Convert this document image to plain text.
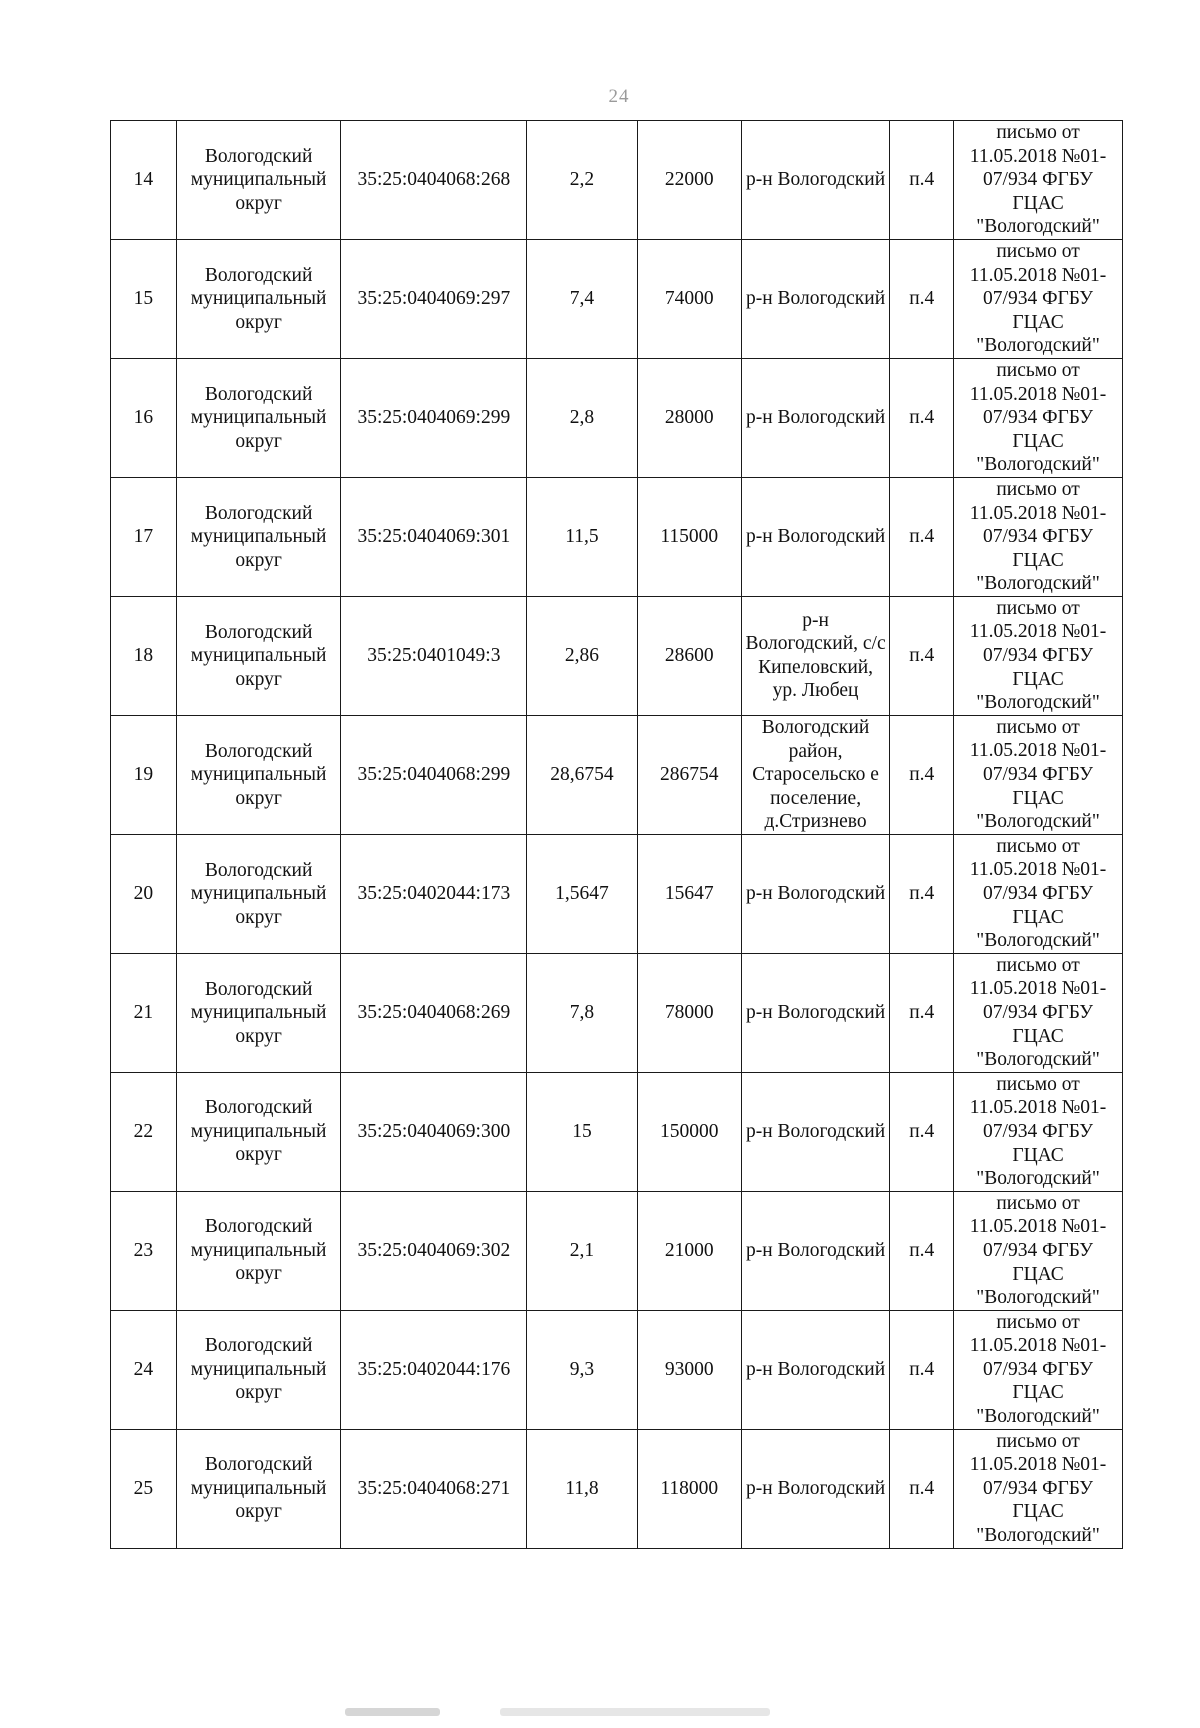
24
14	Вологодский муниципальный округ	35:25:0404068:268	2,2	22000	р-н Вологодский	п.4	письмо от 11.05.2018 №01-07/934 ФГБУ ГЦАС "Вологодский"
15	Вологодский муниципальный округ	35:25:0404069:297	7,4	74000	р-н Вологодский	п.4	письмо от 11.05.2018 №01-07/934 ФГБУ ГЦАС "Вологодский"
16	Вологодский муниципальный округ	35:25:0404069:299	2,8	28000	р-н Вологодский	п.4	письмо от 11.05.2018 №01-07/934 ФГБУ ГЦАС "Вологодский"
17	Вологодский муниципальный округ	35:25:0404069:301	11,5	115000	р-н Вологодский	п.4	письмо от 11.05.2018 №01-07/934 ФГБУ ГЦАС "Вологодский"
18	Вологодский муниципальный округ	35:25:0401049:3	2,86	28600	р-н Вологодский, с/с Кипеловский, ур. Любец	п.4	письмо от 11.05.2018 №01-07/934 ФГБУ ГЦАС "Вологодский"
19	Вологодский муниципальный округ	35:25:0404068:299	28,6754	286754	Вологодский район, Старосельско е поселение, д.Стризнево	п.4	письмо от 11.05.2018 №01-07/934 ФГБУ ГЦАС "Вологодский"
20	Вологодский муниципальный округ	35:25:0402044:173	1,5647	15647	р-н Вологодский	п.4	письмо от 11.05.2018 №01-07/934 ФГБУ ГЦАС "Вологодский"
21	Вологодский муниципальный округ	35:25:0404068:269	7,8	78000	р-н Вологодский	п.4	письмо от 11.05.2018 №01-07/934 ФГБУ ГЦАС "Вологодский"
22	Вологодский муниципальный округ	35:25:0404069:300	15	150000	р-н Вологодский	п.4	письмо от 11.05.2018 №01-07/934 ФГБУ ГЦАС "Вологодский"
23	Вологодский муниципальный округ	35:25:0404069:302	2,1	21000	р-н Вологодский	п.4	письмо от 11.05.2018 №01-07/934 ФГБУ ГЦАС "Вологодский"
24	Вологодский муниципальный округ	35:25:0402044:176	9,3	93000	р-н Вологодский	п.4	письмо от 11.05.2018 №01-07/934 ФГБУ ГЦАС "Вологодский"
25	Вологодский муниципальный округ	35:25:0404068:271	11,8	118000	р-н Вологодский	п.4	письмо от 11.05.2018 №01-07/934 ФГБУ ГЦАС "Вологодский"
